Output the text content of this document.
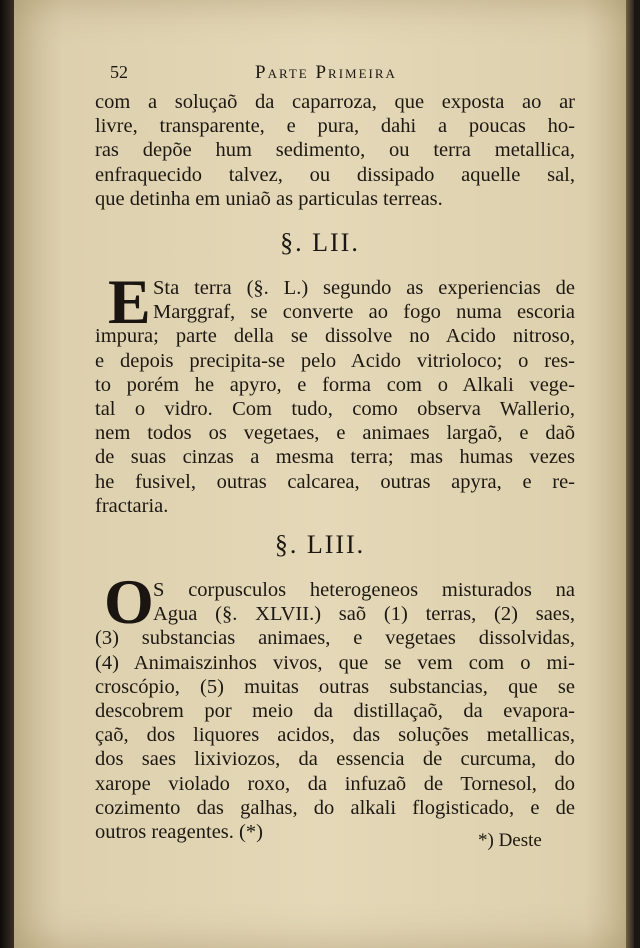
52	Parte Primeira
com a soluçaõ da caparroza, que exposta ao ar
livre, transparente, e pura, dahi a poucas ho-
ras depõe hum sedimento, ou terra metallica,
enfraquecido talvez, ou dissipado aquelle sal,
que detinha em uniaõ as particulas terreas.
§. LII.
E Sta terra (§. L.) segundo as experiencias de
Marggraf, se converte ao fogo numa escoria
impura; parte della se dissolve no Acido nitroso,
e depois precipita-se pelo Acido vitrioloco; o res-
to porém he apyro, e forma com o Alkali vege-
tal o vidro. Com tudo, como observa Wallerio,
nem todos os vegetaes, e animaes largaõ, e daõ
de suas cinzas a mesma terra; mas humas vezes
he fusivel, outras calcarea, outras apyra, e re-
fractaria.
§. LIII.
O S corpusculos heterogeneos misturados na
Agua (§. XLVII.) saõ (1) terras, (2) saes,
(3) substancias animaes, e vegetaes dissolvidas,
(4) Animaiszinhos vivos, que se vem com o mi-
croscópio, (5) muitas outras substancias, que se
descobrem por meio da distillaçaõ, da evapora-
çaõ, dos liquores acidos, das soluções metallicas,
dos saes lixiviozos, da essencia de curcuma, do
xarope violado roxo, da infuzaõ de Tornesol, do
cozimento das galhas, do alkali flogisticado, e de
outros reagentes. (*)	*) Deste
